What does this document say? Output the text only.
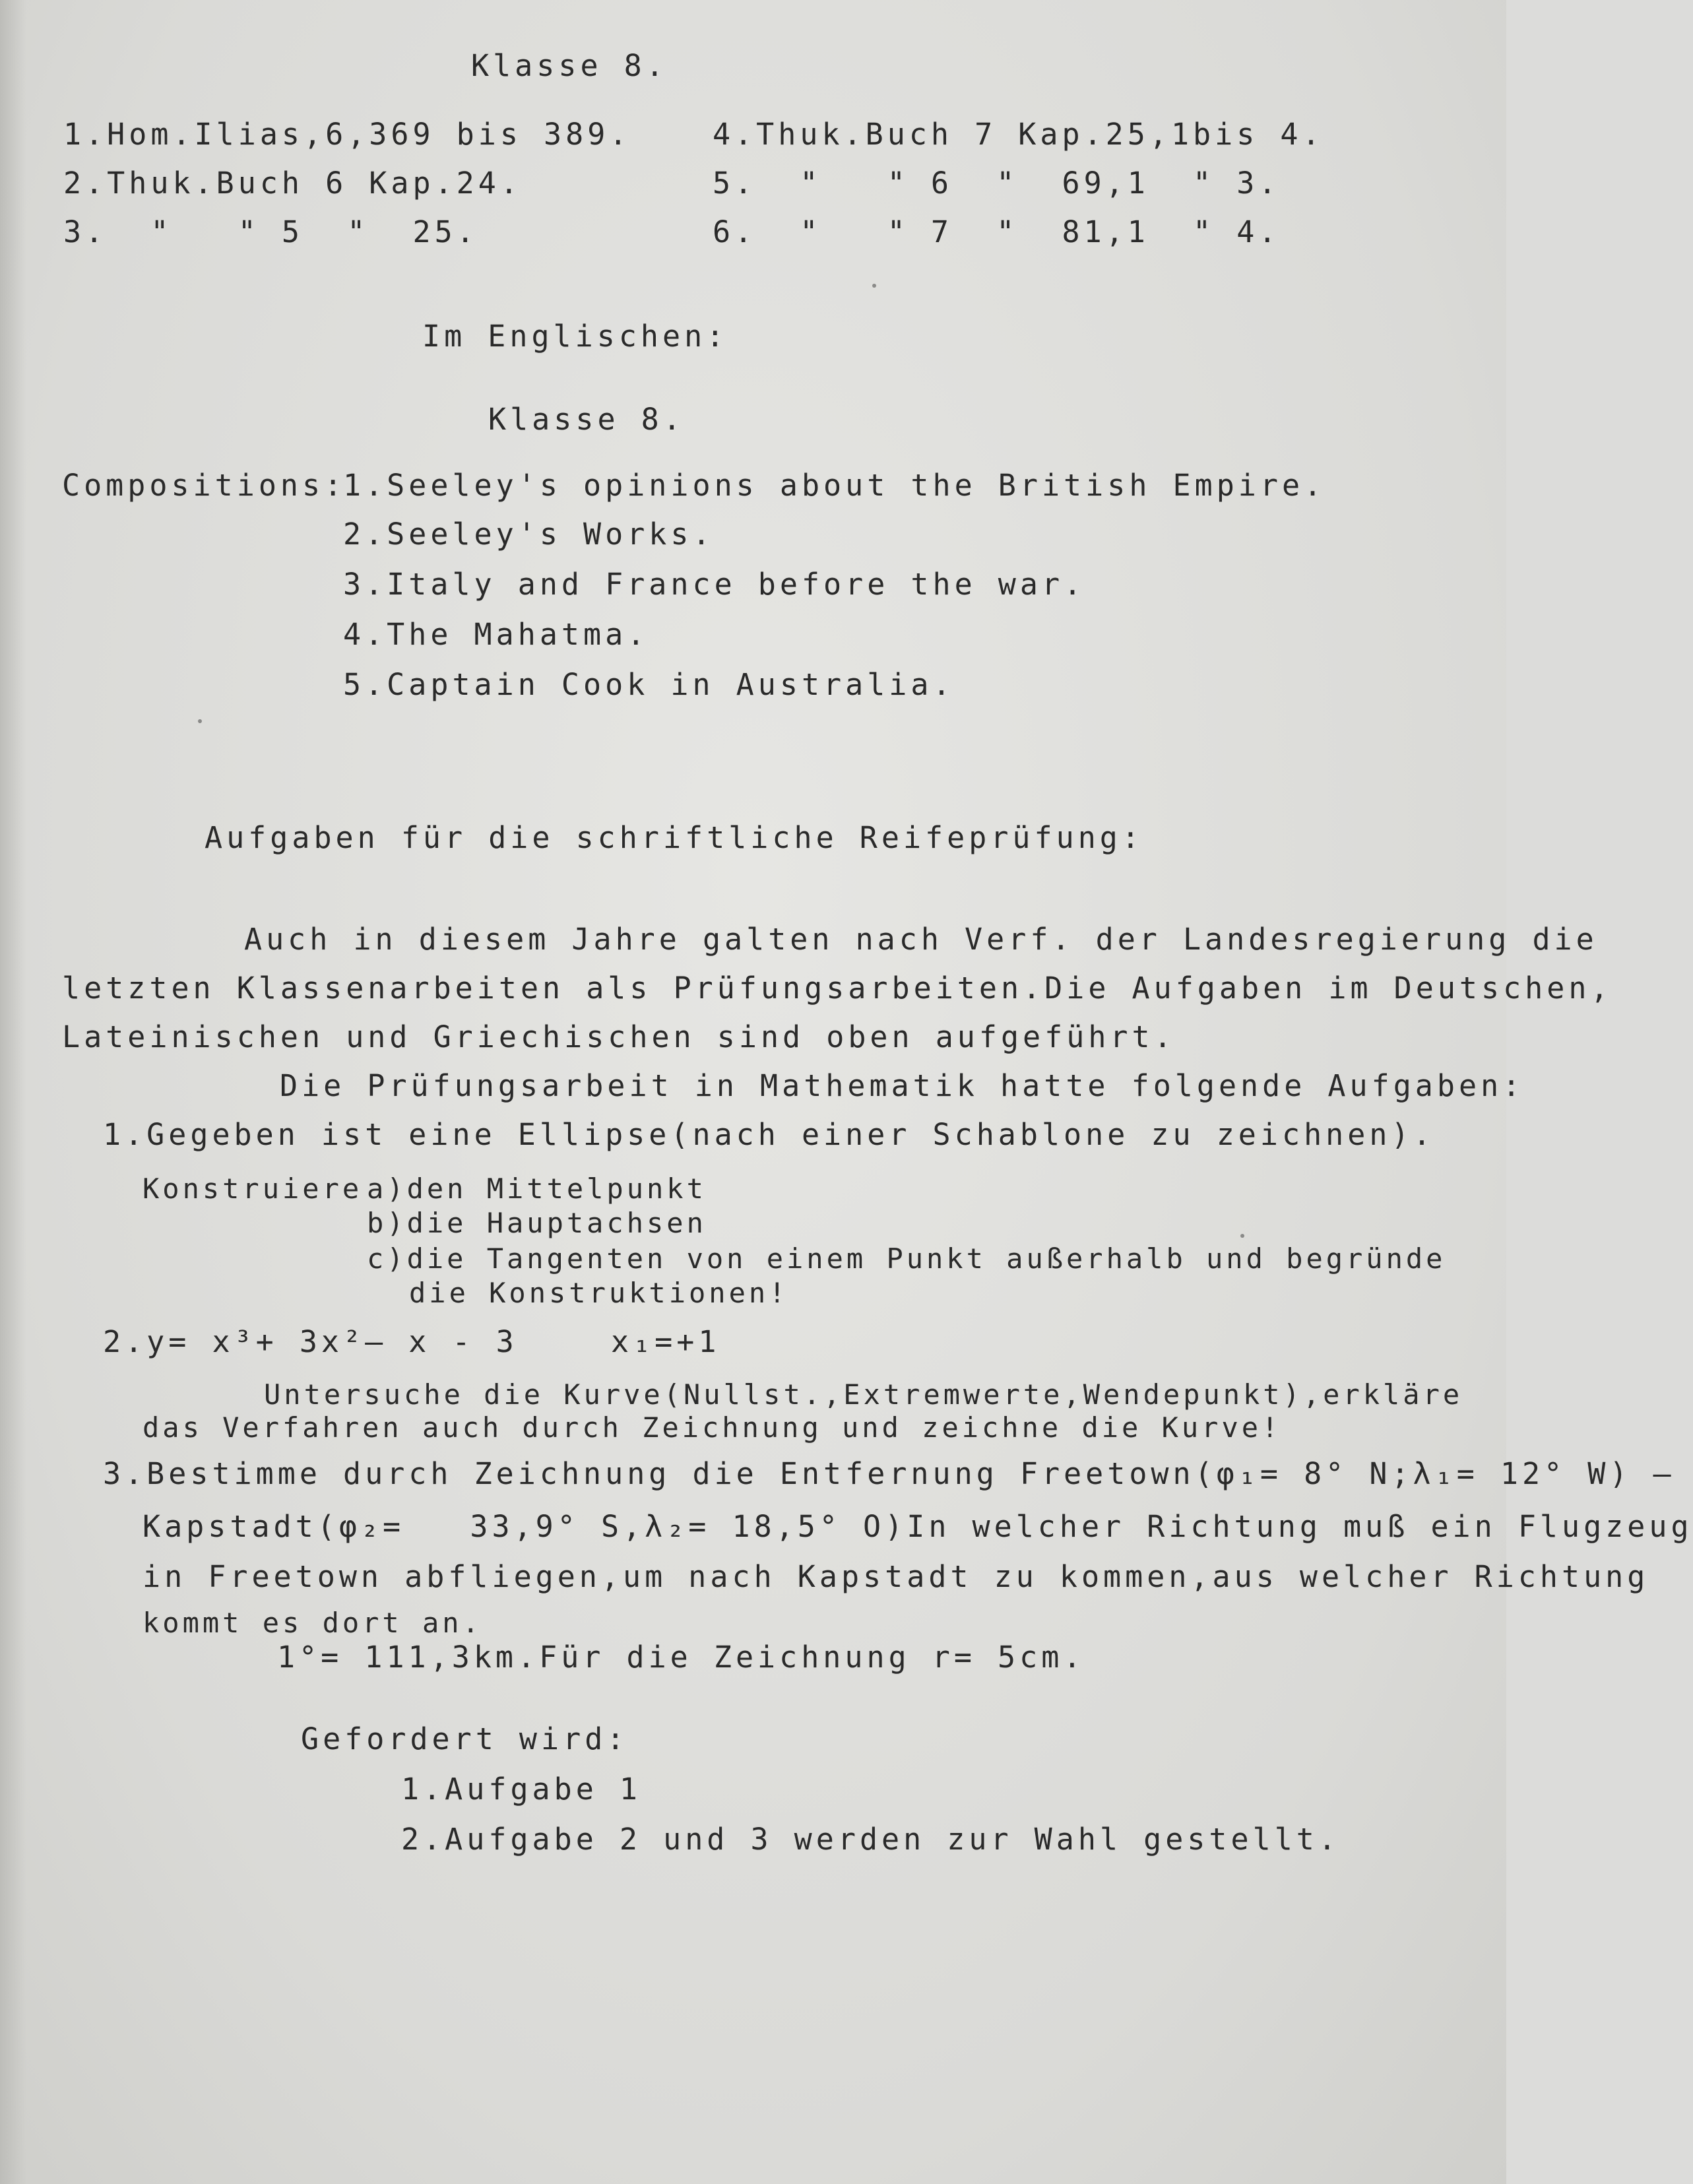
Klasse 8.
1.Hom.Ilias,6,369 bis 389.
2.Thuk.Buch 6 Kap.24.
3.  "   " 5  "  25.
4.Thuk.Buch 7 Kap.25,1bis 4.
5.  "   " 6  "  69,1  " 3.
6.  "   " 7  "  81,1  " 4.
Im Englischen:
Klasse 8.
Compositions:
1.Seeley's opinions about the British Empire.
2.Seeley's Works.
3.Italy and France before the war.
4.The Mahatma.
5.Captain Cook in Australia.
Aufgaben für die schriftliche Reifeprüfung:
Auch in diesem Jahre galten nach Verf. der Landesregierung die
letzten Klassenarbeiten als Prüfungsarbeiten.Die Aufgaben im Deutschen,
Lateinischen und Griechischen sind oben aufgeführt.
Die Prüfungsarbeit in Mathematik hatte folgende Aufgaben:
1.Gegeben ist eine Ellipse(nach einer Schablone zu zeichnen).
Konstruiere a)den Mittelpunkt
b)die Hauptachsen
c)die Tangenten von einem Punkt außerhalb und begründe
die Konstruktionen!
2.y= x³+ 3x²– x - 3	x₁=+1
Untersuche die Kurve(Nullst.,Extremwerte,Wendepunkt),erkläre
das Verfahren auch durch Zeichnung und zeichne die Kurve!
3.Bestimme durch Zeichnung die Entfernung Freetown(φ₁= 8° N;λ₁= 12° W) –
Kapstadt(φ₂=   33,9° S,λ₂= 18,5° O)In welcher Richtung muß ein Flugzeug
in Freetown abfliegen,um nach Kapstadt zu kommen,aus welcher Richtung
kommt es dort an.
1°= 111,3km.Für die Zeichnung r= 5cm.
Gefordert wird:
1.Aufgabe 1
2.Aufgabe 2 und 3 werden zur Wahl gestellt.
